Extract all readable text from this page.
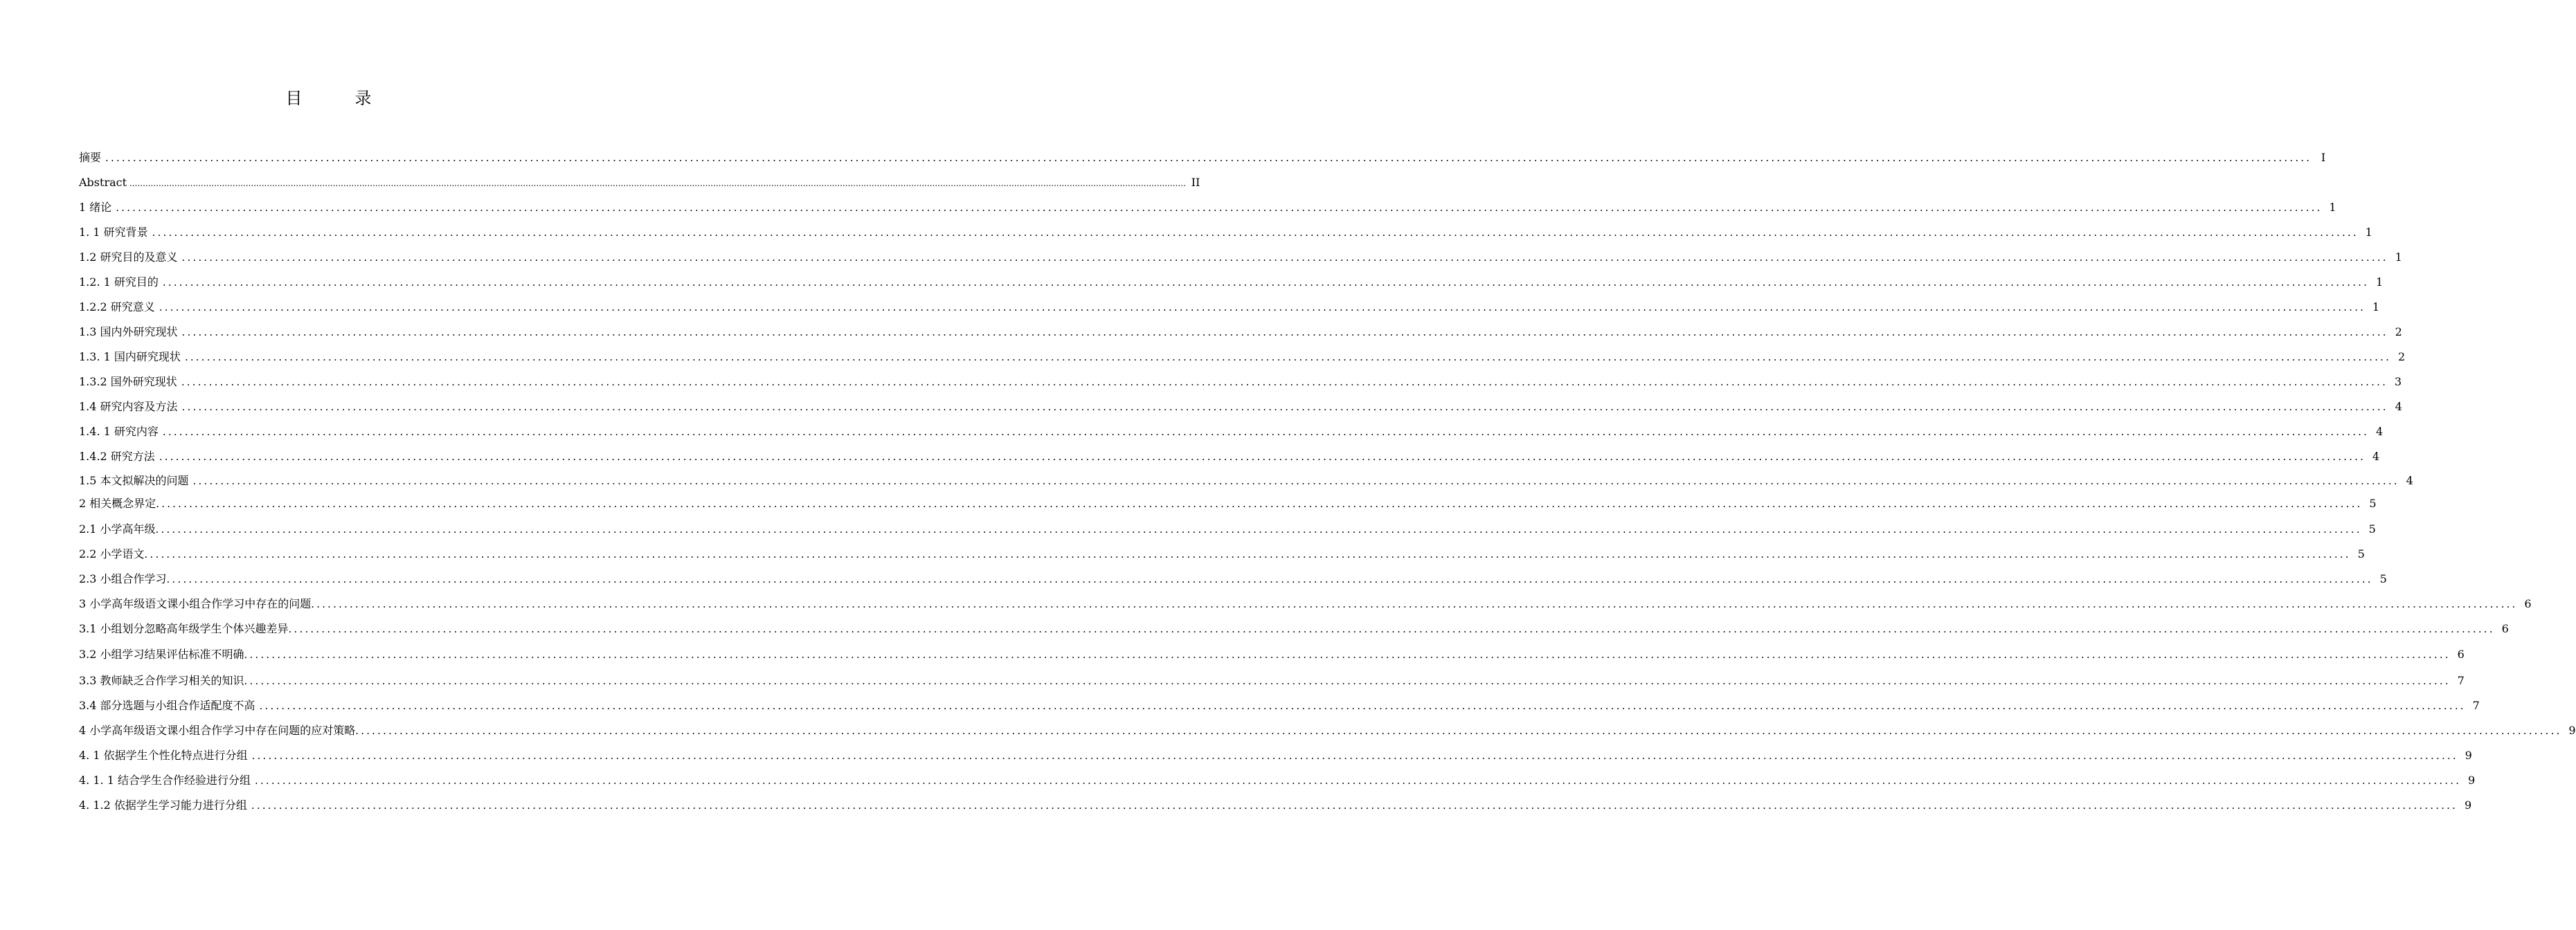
目　录
摘要 ................................................................................................................................................................................................................................................................................................................................................................................................................ I
Abstract ................................................................................................................................................................................................................................................................................................................................................................................................................ II
1 绪论 ................................................................................................................................................................................................................................................................................................................................................................................................................ 1
1. 1 研究背景 ................................................................................................................................................................................................................................................................................................................................................................................................................ 1
1.2 研究目的及意义 ................................................................................................................................................................................................................................................................................................................................................................................................................ 1
1.2. 1 研究目的 ................................................................................................................................................................................................................................................................................................................................................................................................................ 1
1.2.2 研究意义 ................................................................................................................................................................................................................................................................................................................................................................................................................ 1
1.3 国内外研究现状 ................................................................................................................................................................................................................................................................................................................................................................................................................ 2
1.3. 1 国内研究现状 ................................................................................................................................................................................................................................................................................................................................................................................................................ 2
1.3.2 国外研究现状 ................................................................................................................................................................................................................................................................................................................................................................................................................ 3
1.4 研究内容及方法 ................................................................................................................................................................................................................................................................................................................................................................................................................ 4
1.4. 1 研究内容 ................................................................................................................................................................................................................................................................................................................................................................................................................ 4
1.4.2 研究方法 ................................................................................................................................................................................................................................................................................................................................................................................................................ 4
1.5 本文拟解决的问题 ................................................................................................................................................................................................................................................................................................................................................................................................................ 4
2 相关概念界定 ................................................................................................................................................................................................................................................................................................................................................................................................................ 5
2.1 小学高年级 ................................................................................................................................................................................................................................................................................................................................................................................................................ 5
2.2 小学语文 ................................................................................................................................................................................................................................................................................................................................................................................................................ 5
2.3 小组合作学习 ................................................................................................................................................................................................................................................................................................................................................................................................................ 5
3 小学高年级语文课小组合作学习中存在的问题 ................................................................................................................................................................................................................................................................................................................................................................................................................ 6
3.1 小组划分忽略高年级学生个体兴趣差异 ................................................................................................................................................................................................................................................................................................................................................................................................................ 6
3.2 小组学习结果评估标准不明确 ................................................................................................................................................................................................................................................................................................................................................................................................................ 6
3.3 教师缺乏合作学习相关的知识 ................................................................................................................................................................................................................................................................................................................................................................................................................ 7
3.4 部分选题与小组合作适配度不高 ................................................................................................................................................................................................................................................................................................................................................................................................................ 7
4 小学高年级语文课小组合作学习中存在问题的应对策略 ................................................................................................................................................................................................................................................................................................................................................................................................................ 9
4. 1 依据学生个性化特点进行分组 ................................................................................................................................................................................................................................................................................................................................................................................................................ 9
4. 1. 1 结合学生合作经验进行分组 ................................................................................................................................................................................................................................................................................................................................................................................................................ 9
4. 1.2 依据学生学习能力进行分组 ................................................................................................................................................................................................................................................................................................................................................................................................................ 9
